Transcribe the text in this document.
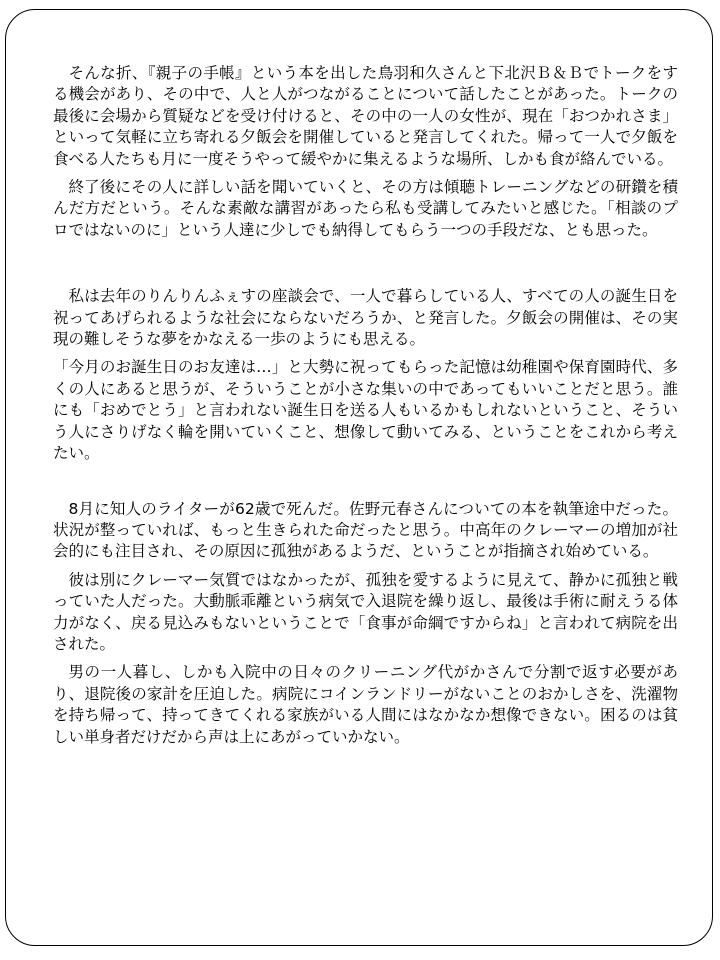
そんな折、『親子の手帳』という本を出した鳥羽和久さんと下北沢Ｂ＆Ｂでトークをする機会があり、その中で、人と人がつながることについて話したことがあった。トークの最後に会場から質疑などを受け付けると、その中の一人の女性が、現在「おつかれさま」といって気軽に立ち寄れる夕飯会を開催していると発言してくれた。帰って一人で夕飯を食べる人たちも月に一度そうやって緩やかに集えるような場所、しかも食が絡んでいる。

終了後にその人に詳しい話を聞いていくと、その方は傾聴トレーニングなどの研鑽を積んだ方だという。そんな素敵な講習があったら私も受講してみたいと感じた。「相談のプロではないのに」という人達に少しでも納得してもらう一つの手段だな、とも思った。

私は去年のりんりんふぇすの座談会で、一人で暮らしている人、すべての人の誕生日を祝ってあげられるような社会にならないだろうか、と発言した。夕飯会の開催は、その実現の難しそうな夢をかなえる一歩のようにも思える。

「今月のお誕生日のお友達は…」と大勢に祝ってもらった記憶は幼稚園や保育園時代、多くの人にあると思うが、そういうことが小さな集いの中であってもいいことだと思う。誰にも「おめでとう」と言われない誕生日を送る人もいるかもしれないということ、そういう人にさりげなく輪を開いていくこと、想像して動いてみる、ということをこれから考えたい。

8月に知人のライターが62歳で死んだ。佐野元春さんについての本を執筆途中だった。状況が整っていれば、もっと生きられた命だったと思う。中高年のクレーマーの増加が社会的にも注目され、その原因に孤独があるようだ、ということが指摘され始めている。

彼は別にクレーマー気質ではなかったが、孤独を愛するように見えて、静かに孤独と戦っていた人だった。大動脈乖離という病気で入退院を繰り返し、最後は手術に耐えうる体力がなく、戻る見込みもないということで「食事が命綱ですからね」と言われて病院を出された。

男の一人暮し、しかも入院中の日々のクリーニング代がかさんで分割で返す必要があり、退院後の家計を圧迫した。病院にコインランドリーがないことのおかしさを、洗濯物を持ち帰って、持ってきてくれる家族がいる人間にはなかなか想像できない。困るのは貧しい単身者だけだから声は上にあがっていかない。
